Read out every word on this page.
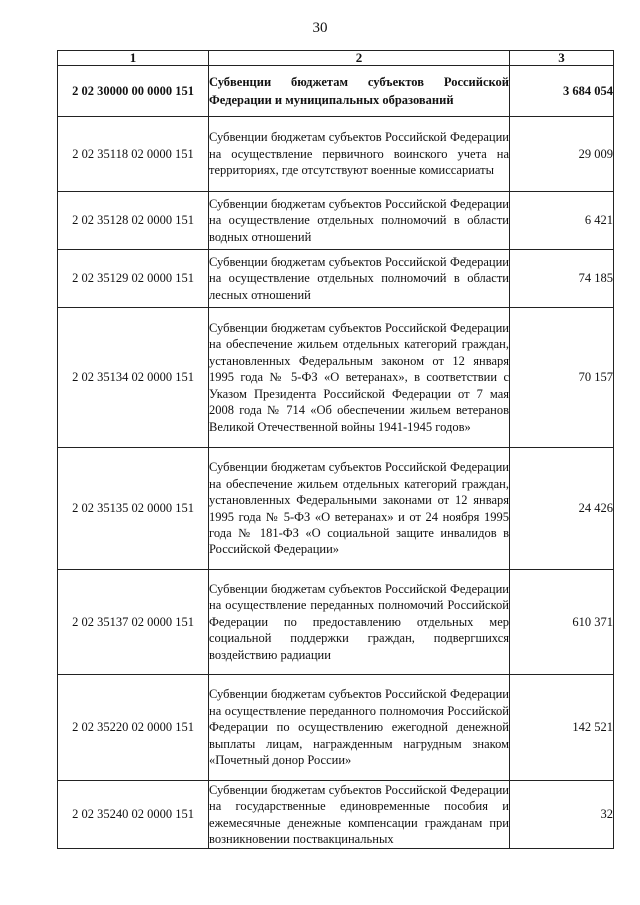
30
1	2	3
2 02 30000 00 0000 151	Субвенции бюджетам субъектов Российской Федерации и муниципальных образований	3 684 054
2 02 35118 02 0000 151	Субвенции бюджетам субъектов Российской Федерации на осуществление первичного воинского учета на территориях, где отсутствуют военные комиссариаты	29 009
2 02 35128 02 0000 151	Субвенции бюджетам субъектов Российской Федерации на осуществление отдельных полномочий в области водных отношений	6 421
2 02 35129 02 0000 151	Субвенции бюджетам субъектов Российской Федерации на осуществление отдельных полномочий в области лесных отношений	74 185
2 02 35134 02 0000 151	Субвенции бюджетам субъектов Российской Федерации на обеспечение жильем отдельных категорий граждан, установленных Федеральным законом от 12 января 1995 года № 5-ФЗ «О ветеранах», в соответствии с Указом Президента Российской Федерации от 7 мая 2008 года № 714 «Об обеспечении жильем ветеранов Великой Отечественной войны 1941-1945 годов»	70 157
2 02 35135 02 0000 151	Субвенции бюджетам субъектов Российской Федерации на обеспечение жильем отдельных категорий граждан, установленных Федеральными законами от 12 января 1995 года № 5-ФЗ «О ветеранах» и от 24 ноября 1995 года № 181-ФЗ «О социальной защите инвалидов в Российской Федерации»	24 426
2 02 35137 02 0000 151	Субвенции бюджетам субъектов Российской Федерации на осуществление переданных полномочий Российской Федерации по предоставлению отдельных мер социальной поддержки граждан, подвергшихся воздействию радиации	610 371
2 02 35220 02 0000 151	Субвенции бюджетам субъектов Российской Федерации на осуществление переданного полномочия Российской Федерации по осуществлению ежегодной денежной выплаты лицам, награжденным нагрудным знаком «Почетный донор России»	142 521
2 02 35240 02 0000 151	Субвенции бюджетам субъектов Российской Федерации на государственные единовременные пособия и ежемесячные денежные компенсации гражданам при возникновении поствакцинальных	32
